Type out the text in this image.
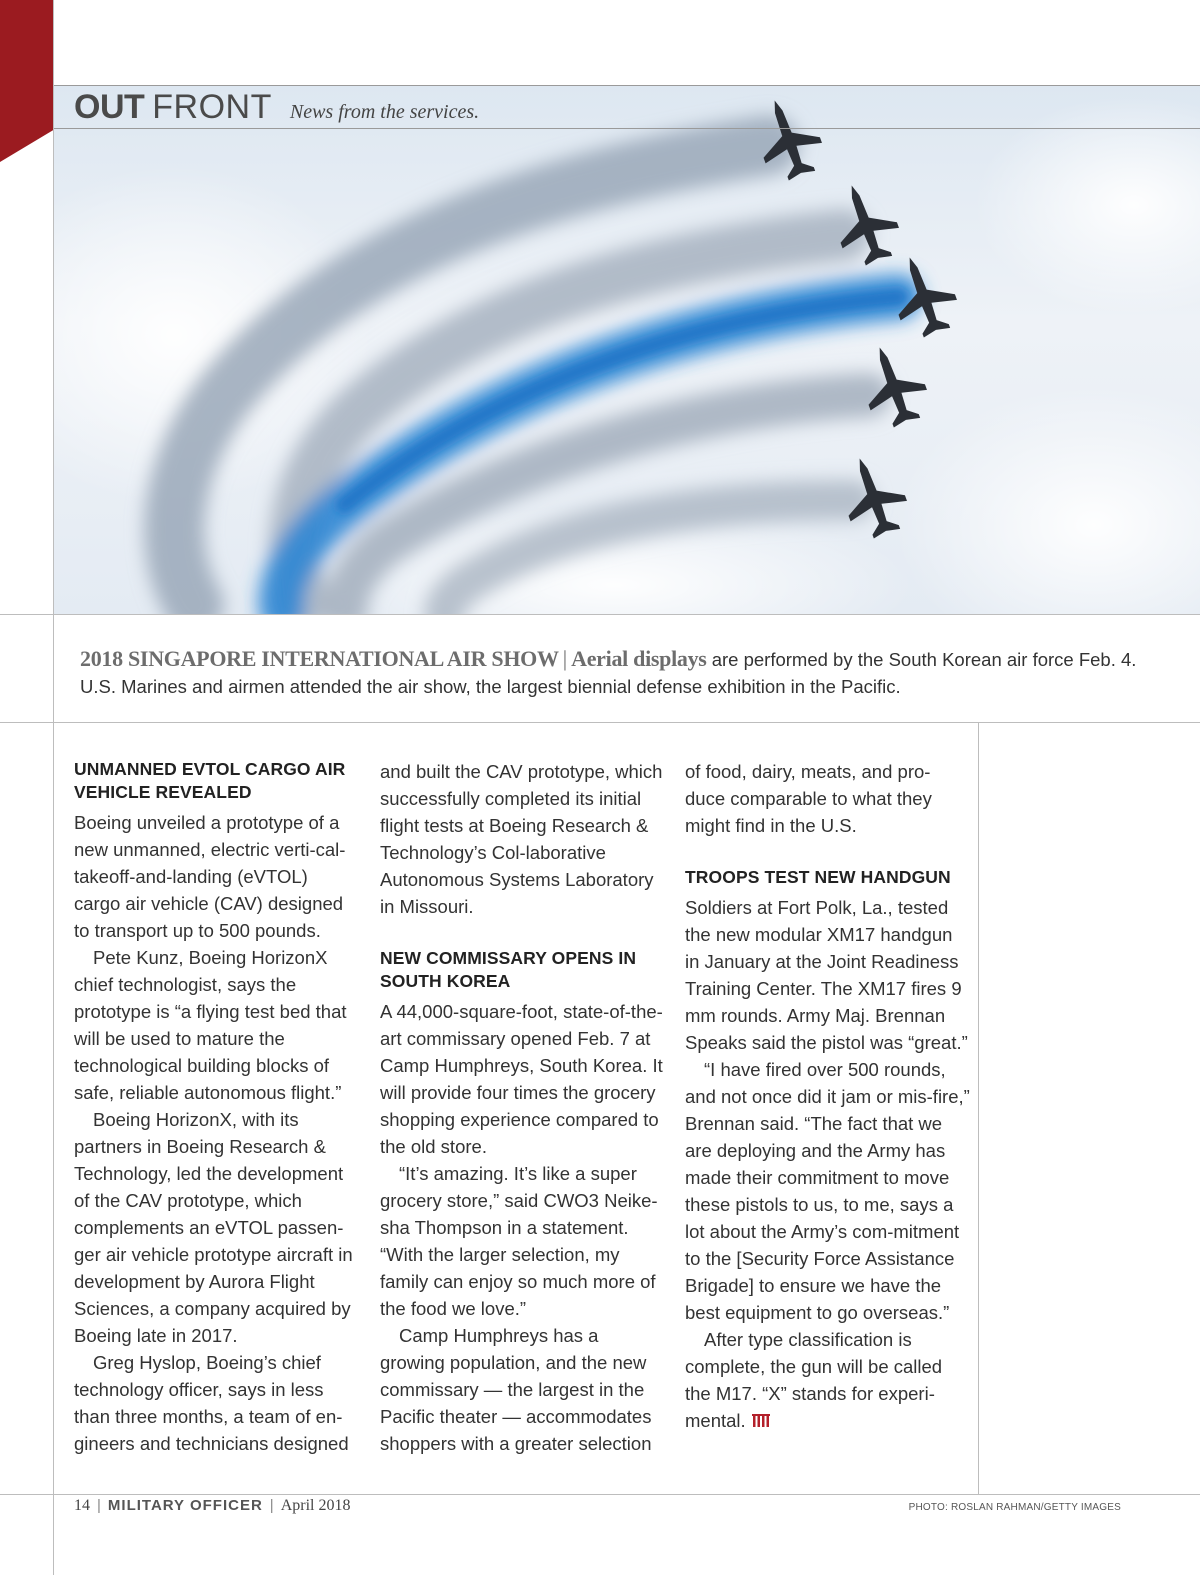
OUT FRONT News from the services.
2018 SINGAPORE INTERNATIONAL AIR SHOW | Aerial displays are performed by the South Korean air force Feb. 4. U.S. Marines and airmen attended the air show, the largest biennial defense exhibition in the Pacific.
UNMANNED EVTOL CARGO AIR VEHICLE REVEALED

Boeing unveiled a prototype of a new unmanned, electric verti-cal-takeoff-and-landing (eVTOL) cargo air vehicle (CAV) designed to transport up to 500 pounds.

Pete Kunz, Boeing HorizonX chief technologist, says the prototype is “a flying test bed that will be used to mature the technological building blocks of safe, reliable autonomous flight.”

Boeing HorizonX, with its partners in Boeing Research & Technology, led the development of the CAV prototype, which complements an eVTOL passen-ger air vehicle prototype aircraft in development by Aurora Flight Sciences, a company acquired by Boeing late in 2017.

Greg Hyslop, Boeing’s chief technology officer, says in less than three months, a team of en-gineers and technicians designed

and built the CAV prototype, which successfully completed its initial flight tests at Boeing Research & Technology’s Col-laborative Autonomous Systems Laboratory in Missouri.

NEW COMMISSARY OPENS IN SOUTH KOREA

A 44,000-square-foot, state-of-the-art commissary opened Feb. 7 at Camp Humphreys, South Korea. It will provide four times the grocery shopping experience compared to the old store.

“It’s amazing. It’s like a super grocery store,” said CWO3 Neike-sha Thompson in a statement. “With the larger selection, my family can enjoy so much more of the food we love.”

Camp Humphreys has a growing population, and the new commissary — the largest in the Pacific theater — accommodates shoppers with a greater selection

of food, dairy, meats, and pro-duce comparable to what they might find in the U.S.

TROOPS TEST NEW HANDGUN

Soldiers at Fort Polk, La., tested the new modular XM17 handgun in January at the Joint Readiness Training Center. The XM17 fires 9 mm rounds. Army Maj. Brennan Speaks said the pistol was “great.”

“I have fired over 500 rounds, and not once did it jam or mis-fire,” Brennan said. “The fact that we are deploying and the Army has made their commitment to move these pistols to us, to me, says a lot about the Army’s com-mitment to the [Security Force Assistance Brigade] to ensure we have the best equipment to go overseas.”

After type classification is complete, the gun will be called the M17. “X” stands for experi-mental.

14 | MILITARY OFFICER | April 2018	PHOTO: ROSLAN RAHMAN/GETTY IMAGES
